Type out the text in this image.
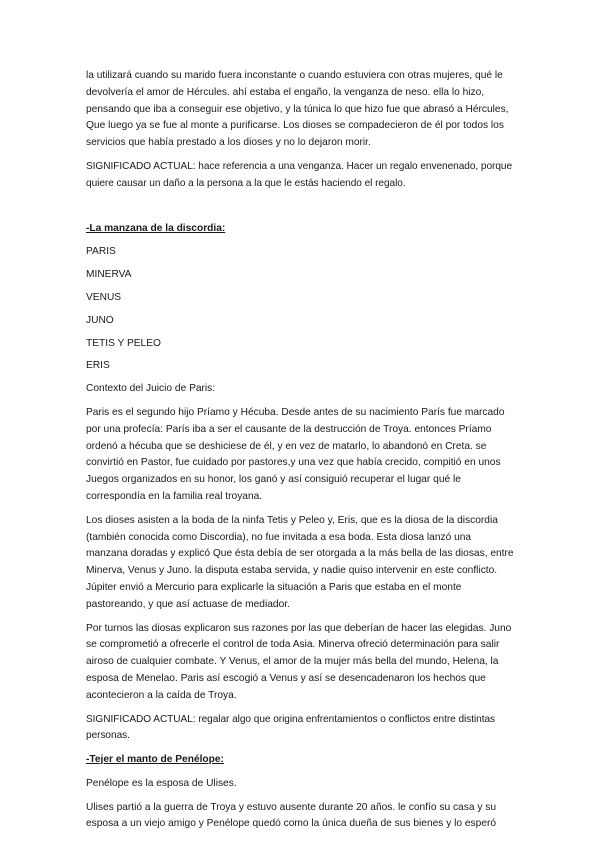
la utilizará cuando su marido fuera inconstante o cuando estuviera con otras mujeres, qué le devolvería el amor de Hércules. ahí estaba el engaño, la venganza de neso. ella lo hizo, pensando que iba a conseguir ese objetivo, y la túnica lo que hizo fue que abrasó a Hércules, Que luego ya se fue al monte a purificarse. Los dioses se compadecieron de él por todos los servicios que había prestado a los dioses y no lo dejaron morir.

SIGNIFICADO ACTUAL: hace referencia a una venganza. Hacer un regalo envenenado, porque quiere causar un daño a la persona a la que le estás haciendo el regalo.

-La manzana de la discordia:

PARIS

MINERVA

VENUS

JUNO

TETIS Y PELEO

ERIS

Contexto del Juicio de Paris:

Paris es el segundo hijo Príamo y Hécuba. Desde antes de su nacimiento París fue marcado por una profecía: París iba a ser el causante de la destrucción de Troya. entonces Príamo ordenó a hécuba que se deshiciese de él, y en vez de matarlo, lo abandonó en Creta. se convirtió en Pastor, fue cuidado por pastores,y una vez que había crecido, compitió en unos Juegos organizados en su honor, los ganó y así consiguió recuperar el lugar qué le correspondía en la familia real troyana.

Los dioses asisten a la boda de la ninfa Tetis y Peleo y, Eris, que es la diosa de la discordia (también conocida como Discordia), no fue invitada a esa boda. Esta diosa lanzó una manzana doradas y explicó Que ésta debía de ser otorgada a la más bella de las diosas, entre Minerva, Venus y Juno. la disputa estaba servida, y nadie quiso intervenir en este conflicto. Júpiter envió a Mercurio para explicarle la situación a Paris que estaba en el monte pastoreando, y que así actuase de mediador.

Por turnos las diosas explicaron sus razones por las que deberían de hacer las elegidas. Juno se comprometió a ofrecerle el control de toda Asia. Minerva ofreció determinación para salir airoso de cualquier combate. Y Venus, el amor de la mujer más bella del mundo, Helena, la esposa de Menelao. Paris así escogió a Venus y así se desencadenaron los hechos que acontecieron a la caída de Troya.

SIGNIFICADO ACTUAL: regalar algo que origina enfrentamientos o conflictos entre distintas personas.

-Tejer el manto de Penélope:

Penélope es la esposa de Ulises.

Ulises partió a la guerra de Troya y estuvo ausente durante 20 años. le confío su casa y su esposa a un viejo amigo y Penélope quedó como la única dueña de sus bienes y lo esperó
